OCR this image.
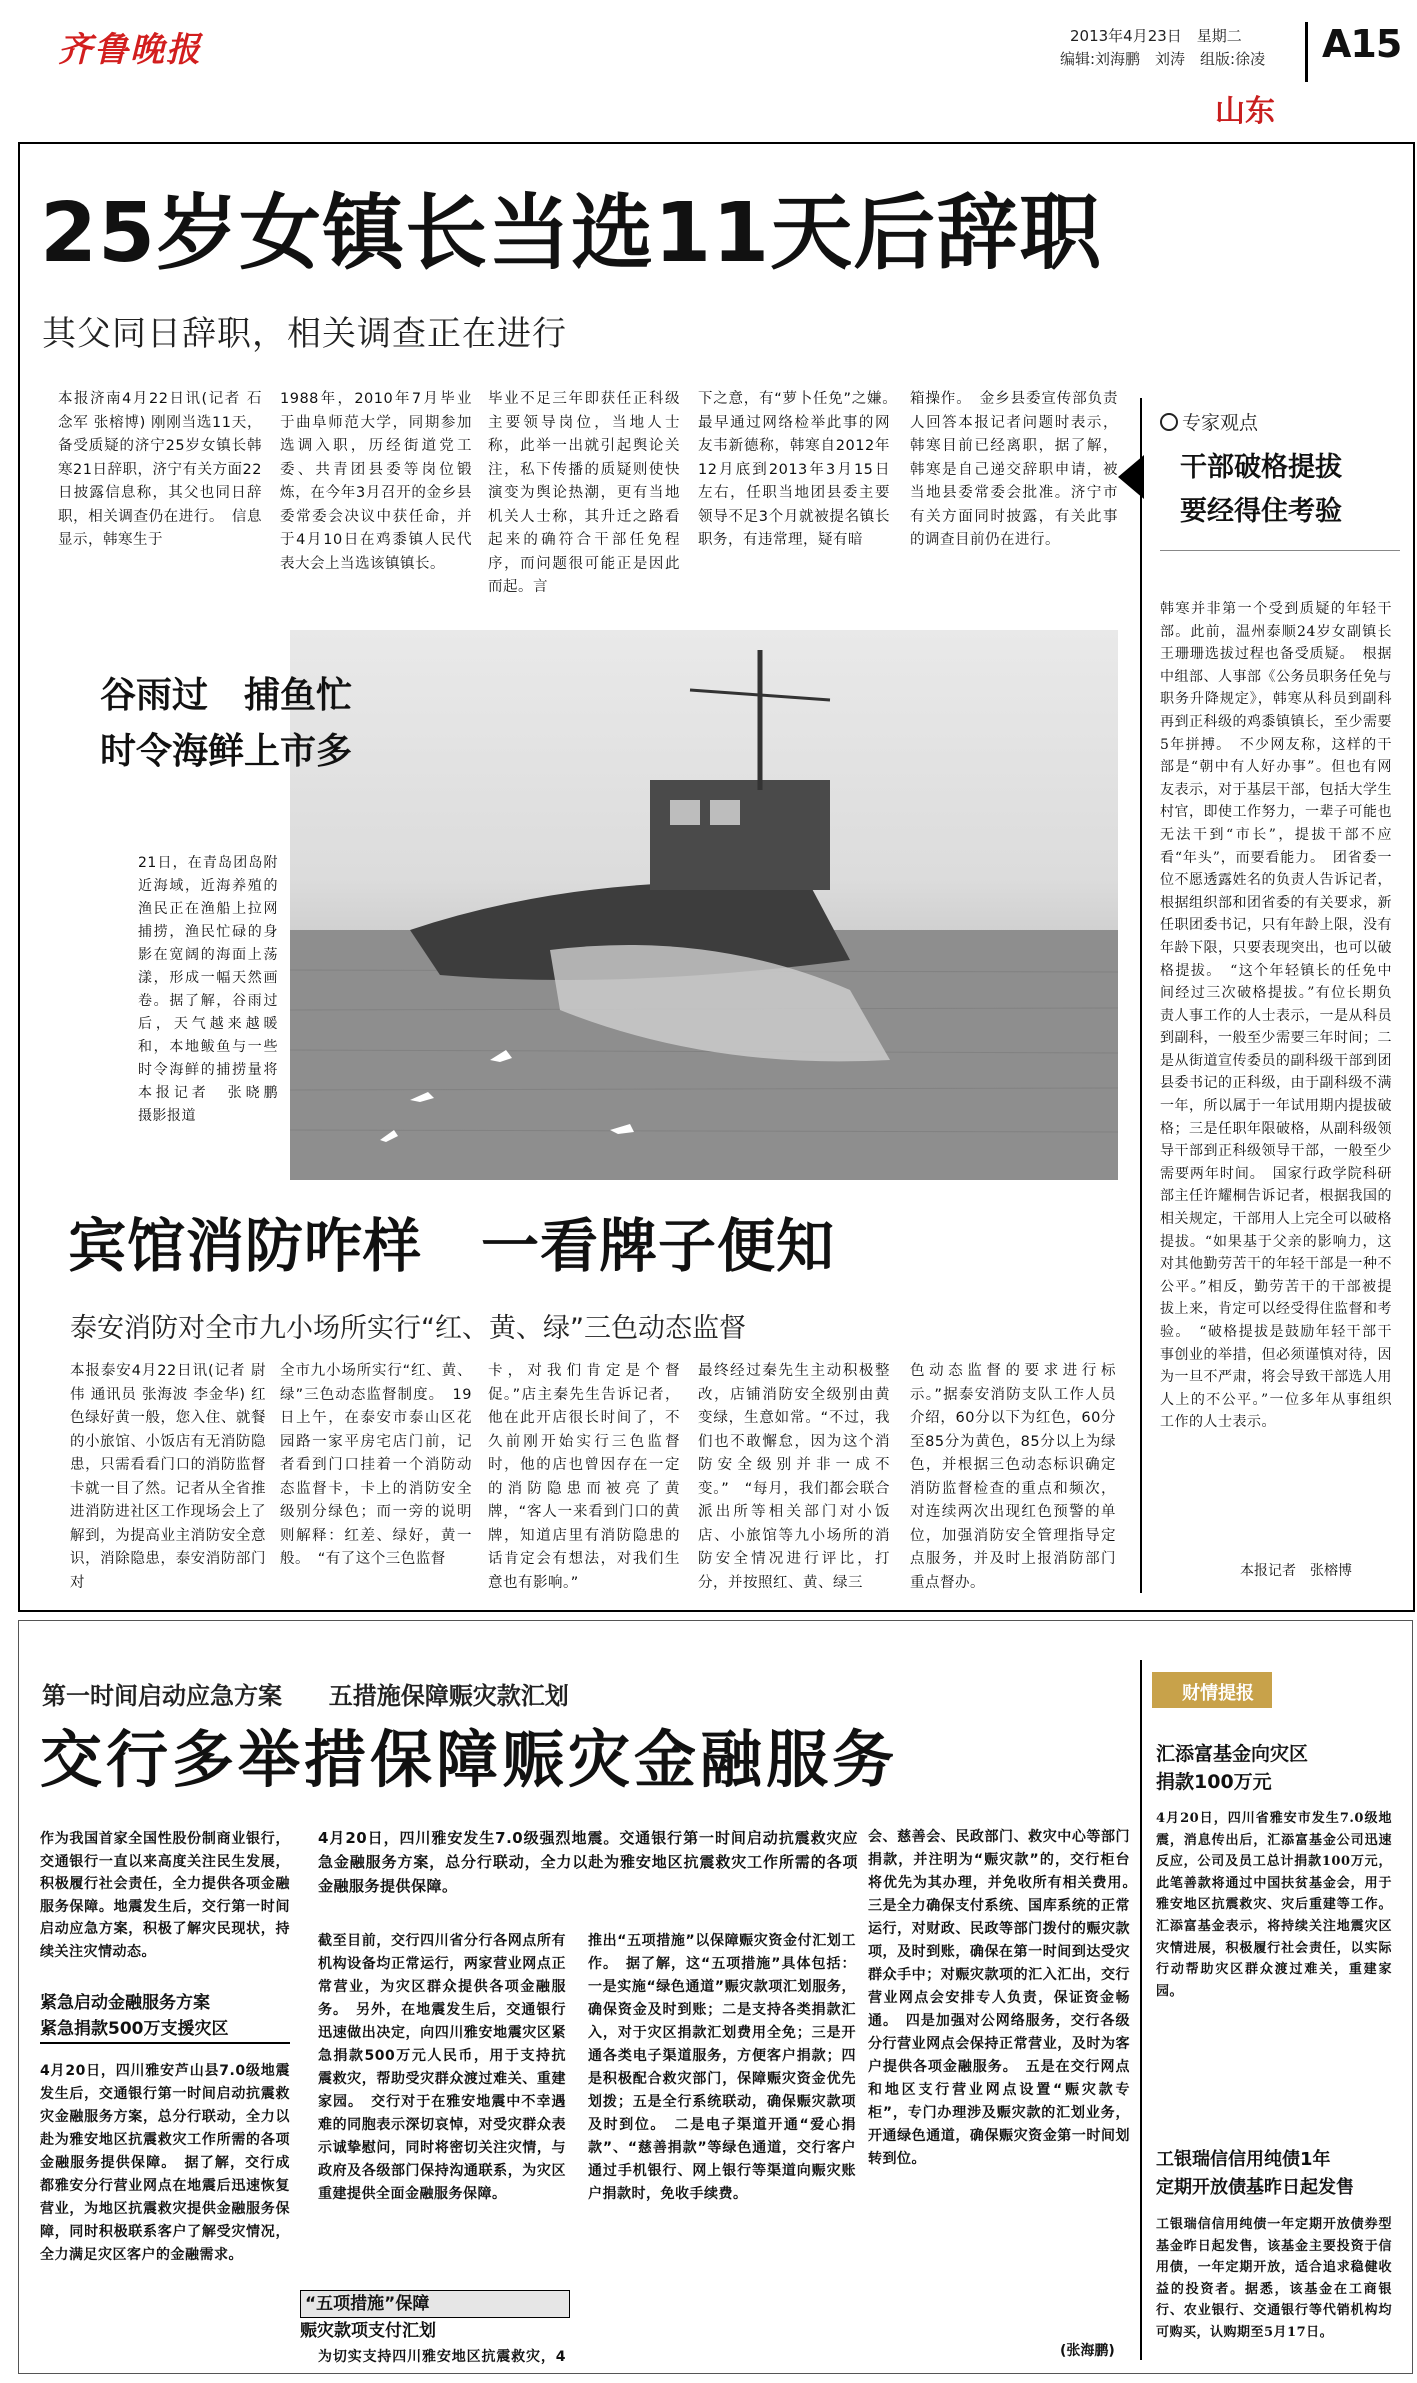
齐鲁晚报	2013年4月23日　星期二
编辑:刘海鹏　刘涛　组版:徐凌 A15
山东
25岁女镇长当选11天后辞职
其父同日辞职，相关调查正在进行
本报济南4月22日讯(记者 石念军 张榕博) 刚刚当选11天，备受质疑的济宁25岁女镇长韩寒21日辞职，济宁有关方面22日披露信息称，其父也同日辞职，相关调查仍在进行。　信息显示，韩寒生于
1988年，2010年7月毕业于曲阜师范大学，同期参加选调入职，历经街道党工委、共青团县委等岗位锻炼，在今年3月召开的金乡县委常委会决议中获任命，并于4月10日在鸡黍镇人民代表大会上当选该镇镇长。
毕业不足三年即获任正科级主要领导岗位，当地人士称，此举一出就引起舆论关注，私下传播的质疑则使快演变为舆论热潮，更有当地机关人士称，其升迁之路看起来的确符合干部任免程序，而问题很可能正是因此而起。言
下之意，有“萝卜任免”之嫌。　最早通过网络检举此事的网友韦新德称，韩寒自2012年12月底到2013年3月15日左右，任职当地团县委主要领导不足3个月就被提名镇长职务，有违常理，疑有暗
箱操作。　金乡县委宣传部负责人回答本报记者问题时表示，韩寒目前已经离职，据了解，韩寒是自己递交辞职申请，被当地县委常委会批准。济宁市有关方面同时披露，有关此事的调查目前仍在进行。
专家观点
干部破格提拔
要经得住考验
韩寒并非第一个受到质疑的年轻干部。此前，温州泰顺24岁女副镇长王珊珊选拔过程也备受质疑。　根据中组部、人事部《公务员职务任免与职务升降规定》，韩寒从科员到副科再到正科级的鸡黍镇镇长，至少需要5年拼搏。　不少网友称，这样的干部是“朝中有人好办事”。但也有网友表示，对于基层干部，包括大学生村官，即使工作努力，一辈子可能也无法干到“市长”，提拔干部不应看“年头”，而要看能力。　团省委一位不愿透露姓名的负责人告诉记者，根据组织部和团省委的有关要求，新任职团委书记，只有年龄上限，没有年龄下限，只要表现突出，也可以破格提拔。　“这个年轻镇长的任免中间经过三次破格提拔。”有位长期负责人事工作的人士表示，一是从科员到副科，一般至少需要三年时间；二是从街道宣传委员的副科级干部到团县委书记的正科级，由于副科级不满一年，所以属于一年试用期内提拔破格；三是任职年限破格，从副科级领导干部到正科级领导干部，一般至少需要两年时间。　国家行政学院科研部主任许耀桐告诉记者，根据我国的相关规定，干部用人上完全可以破格提拔。“如果基于父亲的影响力，这对其他勤劳苦干的年轻干部是一种不公平。”相反，勤劳苦干的干部被提拔上来，肯定可以经受得住监督和考验。　“破格提拔是鼓励年轻干部干事创业的举措，但必须谨慎对待，因为一旦不严肃，将会导致干部选人用人上的不公平。”一位多年从事组织工作的人士表示。
本报记者　张榕博
谷雨过　捕鱼忙
时令海鲜上市多
21日，在青岛团岛附近海域，近海养殖的渔民正在渔船上拉网捕捞，渔民忙碌的身影在宽阔的海面上荡漾，形成一幅天然画卷。据了解，谷雨过后，天气越来越暖和，本地鲅鱼与一些时令海鲜的捕捞量将
本报记者　张晓鹏　摄影报道
宾馆消防咋样　一看牌子便知
泰安消防对全市九小场所实行“红、黄、绿”三色动态监督
本报泰安4月22日讯(记者 尉伟 通讯员 张海波 李金华) 红色绿好黄一般，您入住、就餐的小旅馆、小饭店有无消防隐患，只需看看门口的消防监督卡就一目了然。记者从全省推进消防进社区工作现场会上了解到，为提高业主消防安全意识，消除隐患，泰安消防部门对
全市九小场所实行“红、黄、绿”三色动态监督制度。　19日上午，在泰安市泰山区花园路一家平房宅店门前，记者看到门口挂着一个消防动态监督卡，卡上的消防安全级别分绿色；而一旁的说明则解释：红差、绿好，黄一般。　“有了这个三色监督
卡，对我们肯定是个督促。”店主秦先生告诉记者，他在此开店很长时间了，不久前刚开始实行三色监督时，他的店也曾因存在一定的消防隐患而被亮了黄牌，“客人一来看到门口的黄牌，知道店里有消防隐患的话肯定会有想法，对我们生意也有影响。”
最终经过秦先生主动积极整改，店铺消防安全级别由黄变绿，生意如常。“不过，我们也不敢懈怠，因为这个消防安全级别并非一成不变。”　“每月，我们都会联合派出所等相关部门对小饭店、小旅馆等九小场所的消防安全情况进行评比，打分，并按照红、黄、绿三
色动态监督的要求进行标示。”据泰安消防支队工作人员介绍，60分以下为红色，60分至85分为黄色，85分以上为绿色，并根据三色动态标识确定消防监督检查的重点和频次，对连续两次出现红色预警的单位，加强消防安全管理指导定点服务，并及时上报消防部门重点督办。
第一时间启动应急方案 五措施保障赈灾款汇划
交行多举措保障赈灾金融服务
作为我国首家全国性股份制商业银行，交通银行一直以来高度关注民生发展，积极履行社会责任，全力提供各项金融服务保障。地震发生后，交行第一时间启动应急方案，积极了解灾民现状，持续关注灾情动态。
紧急启动金融服务方案
紧急捐款500万支援灾区
4月20日，四川雅安芦山县7.0级地震发生后，交通银行第一时间启动抗震救灾金融服务方案，总分行联动，全力以赴为雅安地区抗震救灾工作所需的各项金融服务提供保障。　据了解，交行成都雅安分行营业网点在地震后迅速恢复营业，为地区抗震救灾提供金融服务保障，同时积极联系客户了解受灾情况，全力满足灾区客户的金融需求。
4月20日，四川雅安发生7.0级强烈地震。交通银行第一时间启动抗震救灾应急金融服务方案，总分行联动，全力以赴为雅安地区抗震救灾工作所需的各项金融服务提供保障。
截至目前，交行四川省分行各网点所有机构设备均正常运行，两家营业网点正常营业，为灾区群众提供各项金融服务。　另外，在地震发生后，交通银行迅速做出决定，向四川雅安地震灾区紧急捐款500万元人民币，用于支持抗震救灾，帮助受灾群众渡过难关、重建家园。　交行对于在雅安地震中不幸遇难的同胞表示深切哀悼，对受灾群众表示诚挚慰问，同时将密切关注灾情，与政府及各级部门保持沟通联系，为灾区重建提供全面金融服务保障。
“五项措施”保障
赈灾款项支付汇划
为切实支持四川雅安地区抗震救灾，4
推出“五项措施”以保障赈灾资金付汇划工作。　据了解，这“五项措施”具体包括：一是实施“绿色通道”赈灾款项汇划服务，确保资金及时到账；二是支持各类捐款汇入，对于灾区捐款汇划费用全免；三是开通各类电子渠道服务，方便客户捐款；四是积极配合救灾部门，保障赈灾资金优先划拨；五是全行系统联动，确保赈灾款项及时到位。　二是电子渠道开通“爱心捐款”、“慈善捐款”等绿色通道，交行客户通过手机银行、网上银行等渠道向赈灾账户捐款时，免收手续费。
会、慈善会、民政部门、救灾中心等部门捐款，并注明为“赈灾款”的，交行柜台将优先为其办理，并免收所有相关费用。　三是全力确保支付系统、国库系统的正常运行，对财政、民政等部门拨付的赈灾款项，及时到账，确保在第一时间到达受灾群众手中；对赈灾款项的汇入汇出，交行营业网点会安排专人负责，保证资金畅通。　四是加强对公网络服务，交行各级分行营业网点会保持正常营业，及时为客户提供各项金融服务。　五是在交行网点和地区支行营业网点设置“赈灾款专柜”，专门办理涉及赈灾款的汇划业务，开通绿色通道，确保赈灾资金第一时间划转到位。
(张海鹏)
财情提报
汇添富基金向灾区
捐款100万元
4月20日，四川省雅安市发生7.0级地震，消息传出后，汇添富基金公司迅速反应，公司及员工总计捐款100万元，此笔善款将通过中国扶贫基金会，用于雅安地区抗震救灾、灾后重建等工作。汇添富基金表示，将持续关注地震灾区灾情进展，积极履行社会责任，以实际行动帮助灾区群众渡过难关，重建家园。
工银瑞信信用纯债1年
定期开放债基昨日起发售
工银瑞信信用纯债一年定期开放债券型基金昨日起发售，该基金主要投资于信用债，一年定期开放，适合追求稳健收益的投资者。据悉，该基金在工商银行、农业银行、交通银行等代销机构均可购买，认购期至5月17日。
